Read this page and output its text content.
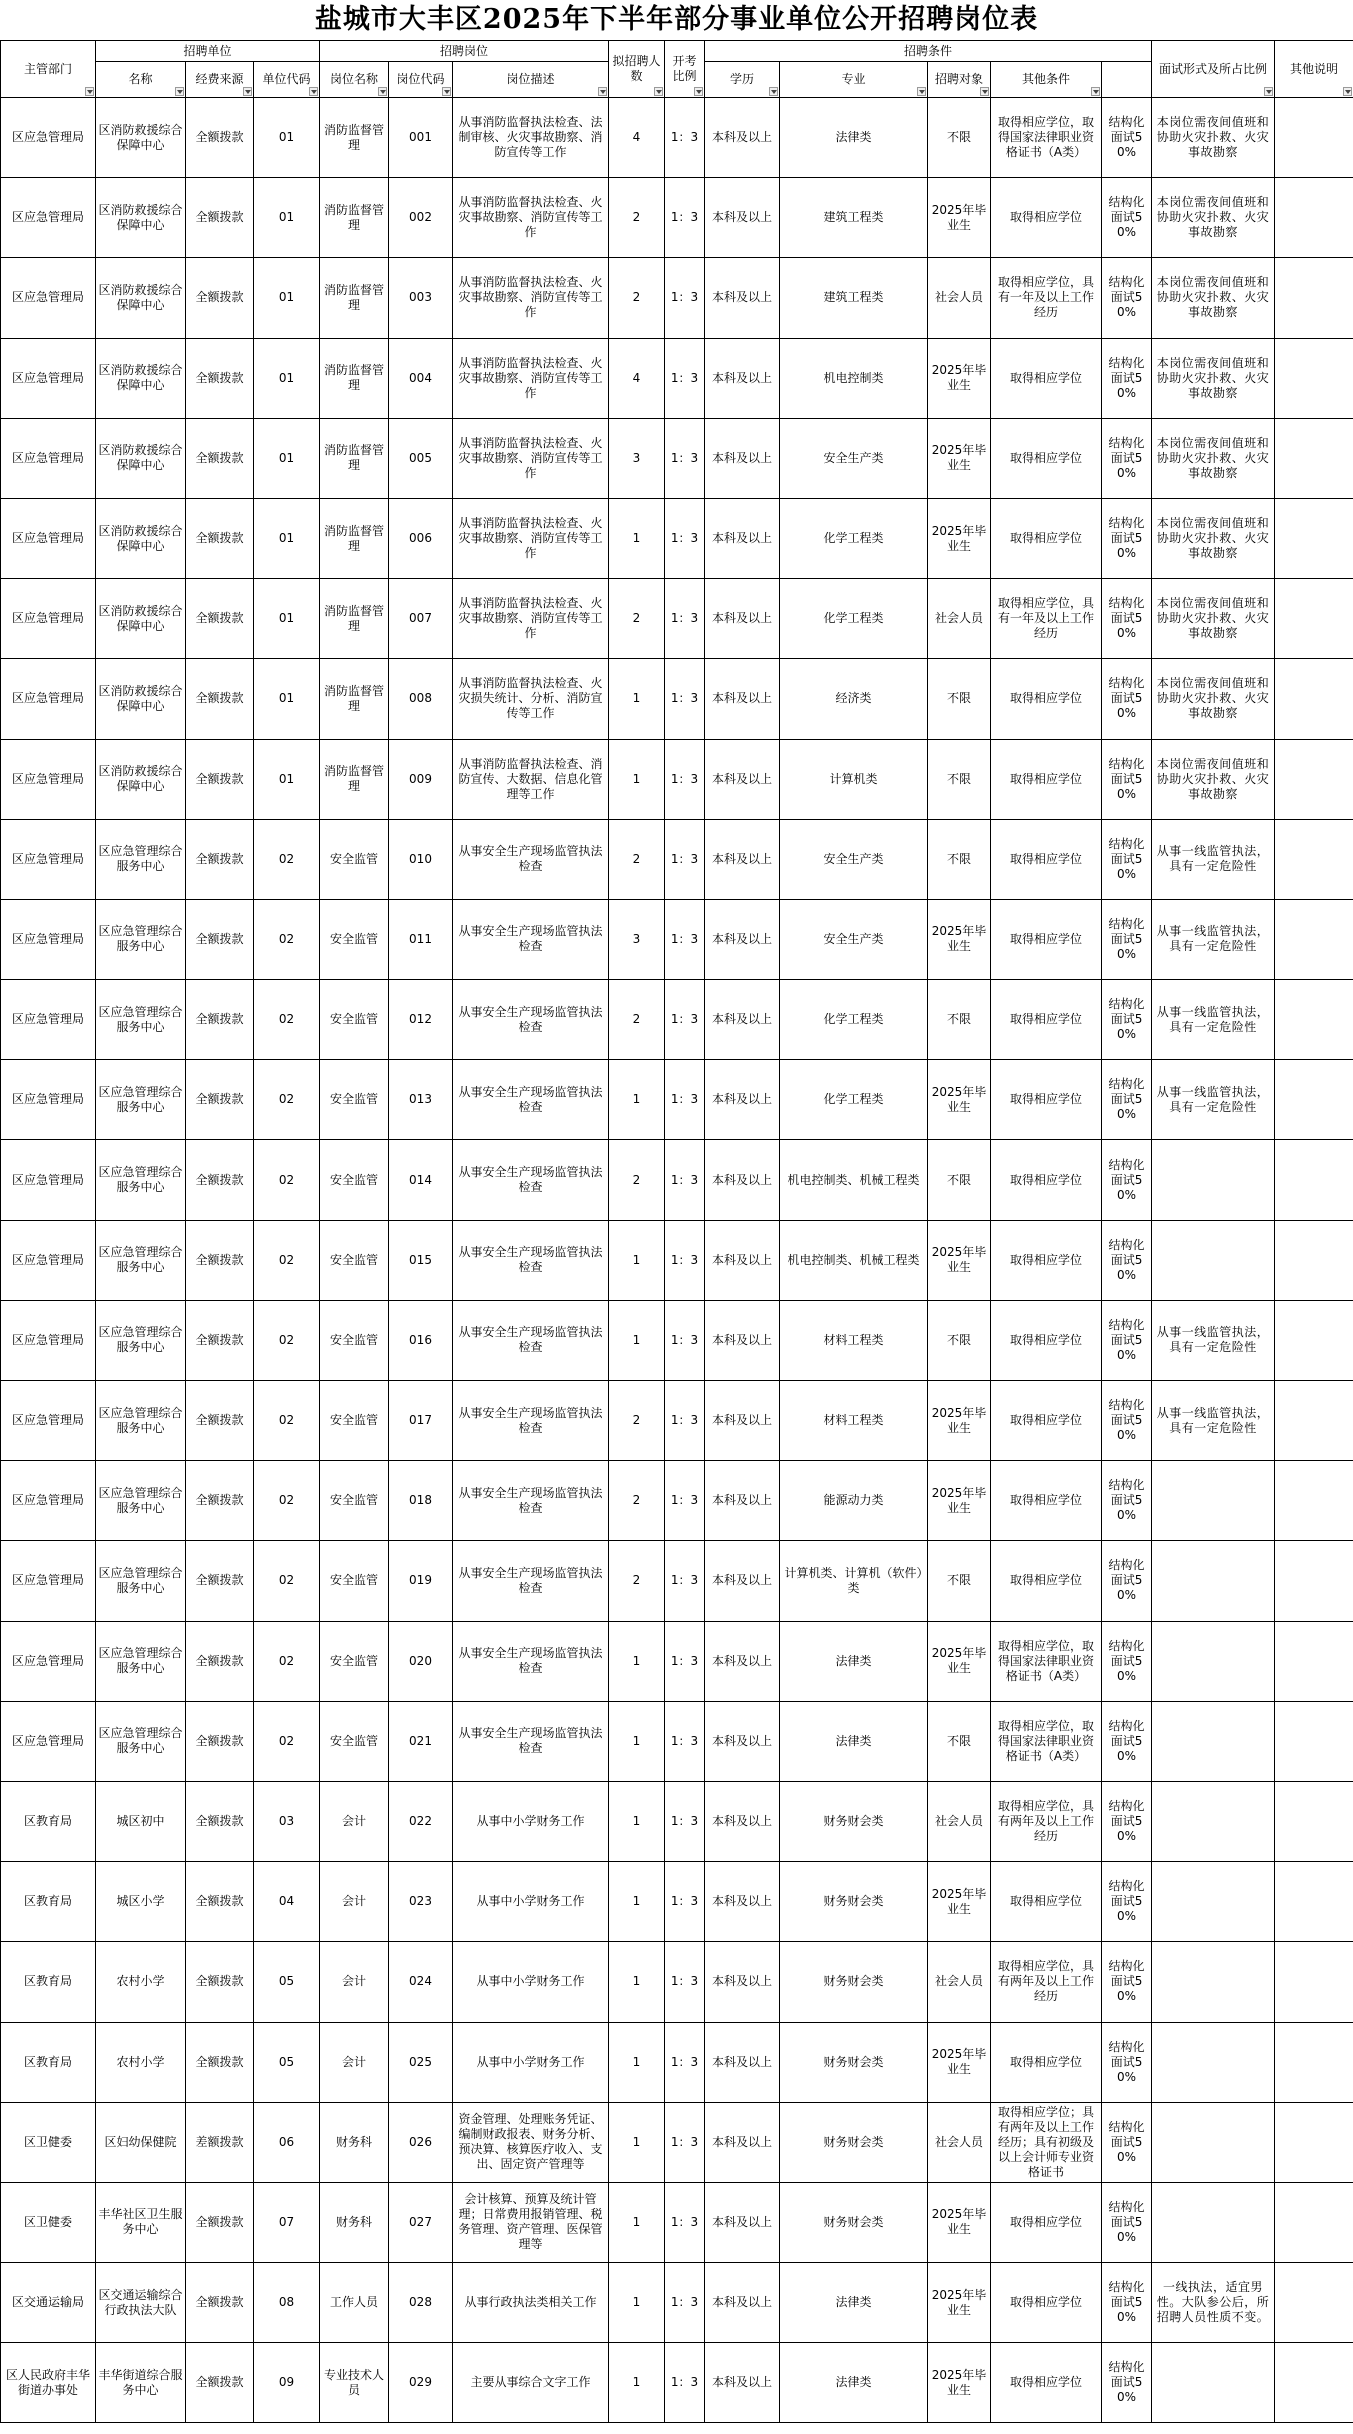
盐城市大丰区2025年下半年部分事业单位公开招聘岗位表
主管部门	招聘单位			招聘岗位			拟招聘人数	开考比例	招聘条件					面试形式及所占比例	其他说明

	名称	经费来源	单位代码	岗位名称	岗位代码	岗位描述			学历	专业	招聘对象	其他条件				

区应急管理局	区消防救援综合保障中心	全额拨款	01	消防监督管理	001	从事消防监督执法检查、法制审核、火灾事故勘察、消防宣传等工作	4	1：3	本科及以上	法律类	不限	取得相应学位，取得国家法律职业资格证书（A类）	结构化面试50%	本岗位需夜间值班和协助火灾扑救、火灾事故勘察		
区应急管理局	区消防救援综合保障中心	全额拨款	01	消防监督管理	002	从事消防监督执法检查、火灾事故勘察、消防宣传等工作	2	1：3	本科及以上	建筑工程类	2025年毕业生	取得相应学位	结构化面试50%	本岗位需夜间值班和协助火灾扑救、火灾事故勘察		
区应急管理局	区消防救援综合保障中心	全额拨款	01	消防监督管理	003	从事消防监督执法检查、火灾事故勘察、消防宣传等工作	2	1：3	本科及以上	建筑工程类	社会人员	取得相应学位，具有一年及以上工作经历	结构化面试50%	本岗位需夜间值班和协助火灾扑救、火灾事故勘察		
区应急管理局	区消防救援综合保障中心	全额拨款	01	消防监督管理	004	从事消防监督执法检查、火灾事故勘察、消防宣传等工作	4	1：3	本科及以上	机电控制类	2025年毕业生	取得相应学位	结构化面试50%	本岗位需夜间值班和协助火灾扑救、火灾事故勘察		
区应急管理局	区消防救援综合保障中心	全额拨款	01	消防监督管理	005	从事消防监督执法检查、火灾事故勘察、消防宣传等工作	3	1：3	本科及以上	安全生产类	2025年毕业生	取得相应学位	结构化面试50%	本岗位需夜间值班和协助火灾扑救、火灾事故勘察		
区应急管理局	区消防救援综合保障中心	全额拨款	01	消防监督管理	006	从事消防监督执法检查、火灾事故勘察、消防宣传等工作	1	1：3	本科及以上	化学工程类	2025年毕业生	取得相应学位	结构化面试50%	本岗位需夜间值班和协助火灾扑救、火灾事故勘察		
区应急管理局	区消防救援综合保障中心	全额拨款	01	消防监督管理	007	从事消防监督执法检查、火灾事故勘察、消防宣传等工作	2	1：3	本科及以上	化学工程类	社会人员	取得相应学位，具有一年及以上工作经历	结构化面试50%	本岗位需夜间值班和协助火灾扑救、火灾事故勘察		
区应急管理局	区消防救援综合保障中心	全额拨款	01	消防监督管理	008	从事消防监督执法检查、火灾损失统计、分析、消防宣传等工作	1	1：3	本科及以上	经济类	不限	取得相应学位	结构化面试50%	本岗位需夜间值班和协助火灾扑救、火灾事故勘察		
区应急管理局	区消防救援综合保障中心	全额拨款	01	消防监督管理	009	从事消防监督执法检查、消防宣传、大数据、信息化管理等工作	1	1：3	本科及以上	计算机类	不限	取得相应学位	结构化面试50%	本岗位需夜间值班和协助火灾扑救、火灾事故勘察		
区应急管理局	区应急管理综合服务中心	全额拨款	02	安全监管	010	从事安全生产现场监管执法检查	2	1：3	本科及以上	安全生产类	不限	取得相应学位	结构化面试50%	从事一线监管执法，具有一定危险性		
区应急管理局	区应急管理综合服务中心	全额拨款	02	安全监管	011	从事安全生产现场监管执法检查	3	1：3	本科及以上	安全生产类	2025年毕业生	取得相应学位	结构化面试50%	从事一线监管执法，具有一定危险性		
区应急管理局	区应急管理综合服务中心	全额拨款	02	安全监管	012	从事安全生产现场监管执法检查	2	1：3	本科及以上	化学工程类	不限	取得相应学位	结构化面试50%	从事一线监管执法，具有一定危险性		
区应急管理局	区应急管理综合服务中心	全额拨款	02	安全监管	013	从事安全生产现场监管执法检查	1	1：3	本科及以上	化学工程类	2025年毕业生	取得相应学位	结构化面试50%	从事一线监管执法，具有一定危险性		
区应急管理局	区应急管理综合服务中心	全额拨款	02	安全监管	014	从事安全生产现场监管执法检查	2	1：3	本科及以上	机电控制类、机械工程类	不限	取得相应学位	结构化面试50%			
区应急管理局	区应急管理综合服务中心	全额拨款	02	安全监管	015	从事安全生产现场监管执法检查	1	1：3	本科及以上	机电控制类、机械工程类	2025年毕业生	取得相应学位	结构化面试50%			
区应急管理局	区应急管理综合服务中心	全额拨款	02	安全监管	016	从事安全生产现场监管执法检查	1	1：3	本科及以上	材料工程类	不限	取得相应学位	结构化面试50%	从事一线监管执法，具有一定危险性		
区应急管理局	区应急管理综合服务中心	全额拨款	02	安全监管	017	从事安全生产现场监管执法检查	2	1：3	本科及以上	材料工程类	2025年毕业生	取得相应学位	结构化面试50%	从事一线监管执法，具有一定危险性		
区应急管理局	区应急管理综合服务中心	全额拨款	02	安全监管	018	从事安全生产现场监管执法检查	2	1：3	本科及以上	能源动力类	2025年毕业生	取得相应学位	结构化面试50%			
区应急管理局	区应急管理综合服务中心	全额拨款	02	安全监管	019	从事安全生产现场监管执法检查	2	1：3	本科及以上	计算机类、计算机（软件）类	不限	取得相应学位	结构化面试50%			
区应急管理局	区应急管理综合服务中心	全额拨款	02	安全监管	020	从事安全生产现场监管执法检查	1	1：3	本科及以上	法律类	2025年毕业生	取得相应学位，取得国家法律职业资格证书（A类）	结构化面试50%			
区应急管理局	区应急管理综合服务中心	全额拨款	02	安全监管	021	从事安全生产现场监管执法检查	1	1：3	本科及以上	法律类	不限	取得相应学位，取得国家法律职业资格证书（A类）	结构化面试50%			
区教育局	城区初中	全额拨款	03	会计	022	从事中小学财务工作	1	1：3	本科及以上	财务财会类	社会人员	取得相应学位，具有两年及以上工作经历	结构化面试50%			
区教育局	城区小学	全额拨款	04	会计	023	从事中小学财务工作	1	1：3	本科及以上	财务财会类	2025年毕业生	取得相应学位	结构化面试50%			
区教育局	农村小学	全额拨款	05	会计	024	从事中小学财务工作	1	1：3	本科及以上	财务财会类	社会人员	取得相应学位，具有两年及以上工作经历	结构化面试50%			
区教育局	农村小学	全额拨款	05	会计	025	从事中小学财务工作	1	1：3	本科及以上	财务财会类	2025年毕业生	取得相应学位	结构化面试50%			
区卫健委	区妇幼保健院	差额拨款	06	财务科	026	资金管理、处理账务凭证、编制财政报表、财务分析、预决算、核算医疗收入、支出、固定资产管理等	1	1：3	本科及以上	财务财会类	社会人员	取得相应学位；具有两年及以上工作经历；具有初级及以上会计师专业资格证书	结构化面试50%			
区卫健委	丰华社区卫生服务中心	全额拨款	07	财务科	027	会计核算、预算及统计管理；日常费用报销管理、税务管理、资产管理、医保管理等	1	1：3	本科及以上	财务财会类	2025年毕业生	取得相应学位	结构化面试50%			
区交通运输局	区交通运输综合行政执法大队	全额拨款	08	工作人员	028	从事行政执法类相关工作	1	1：3	本科及以上	法律类	2025年毕业生	取得相应学位	结构化面试50%	一线执法，适宜男性。大队参公后，所招聘人员性质不变。		
区人民政府丰华街道办事处	丰华街道综合服务中心	全额拨款	09	专业技术人员	029	主要从事综合文字工作	1	1：3	本科及以上	法律类	2025年毕业生	取得相应学位	结构化面试50%			
